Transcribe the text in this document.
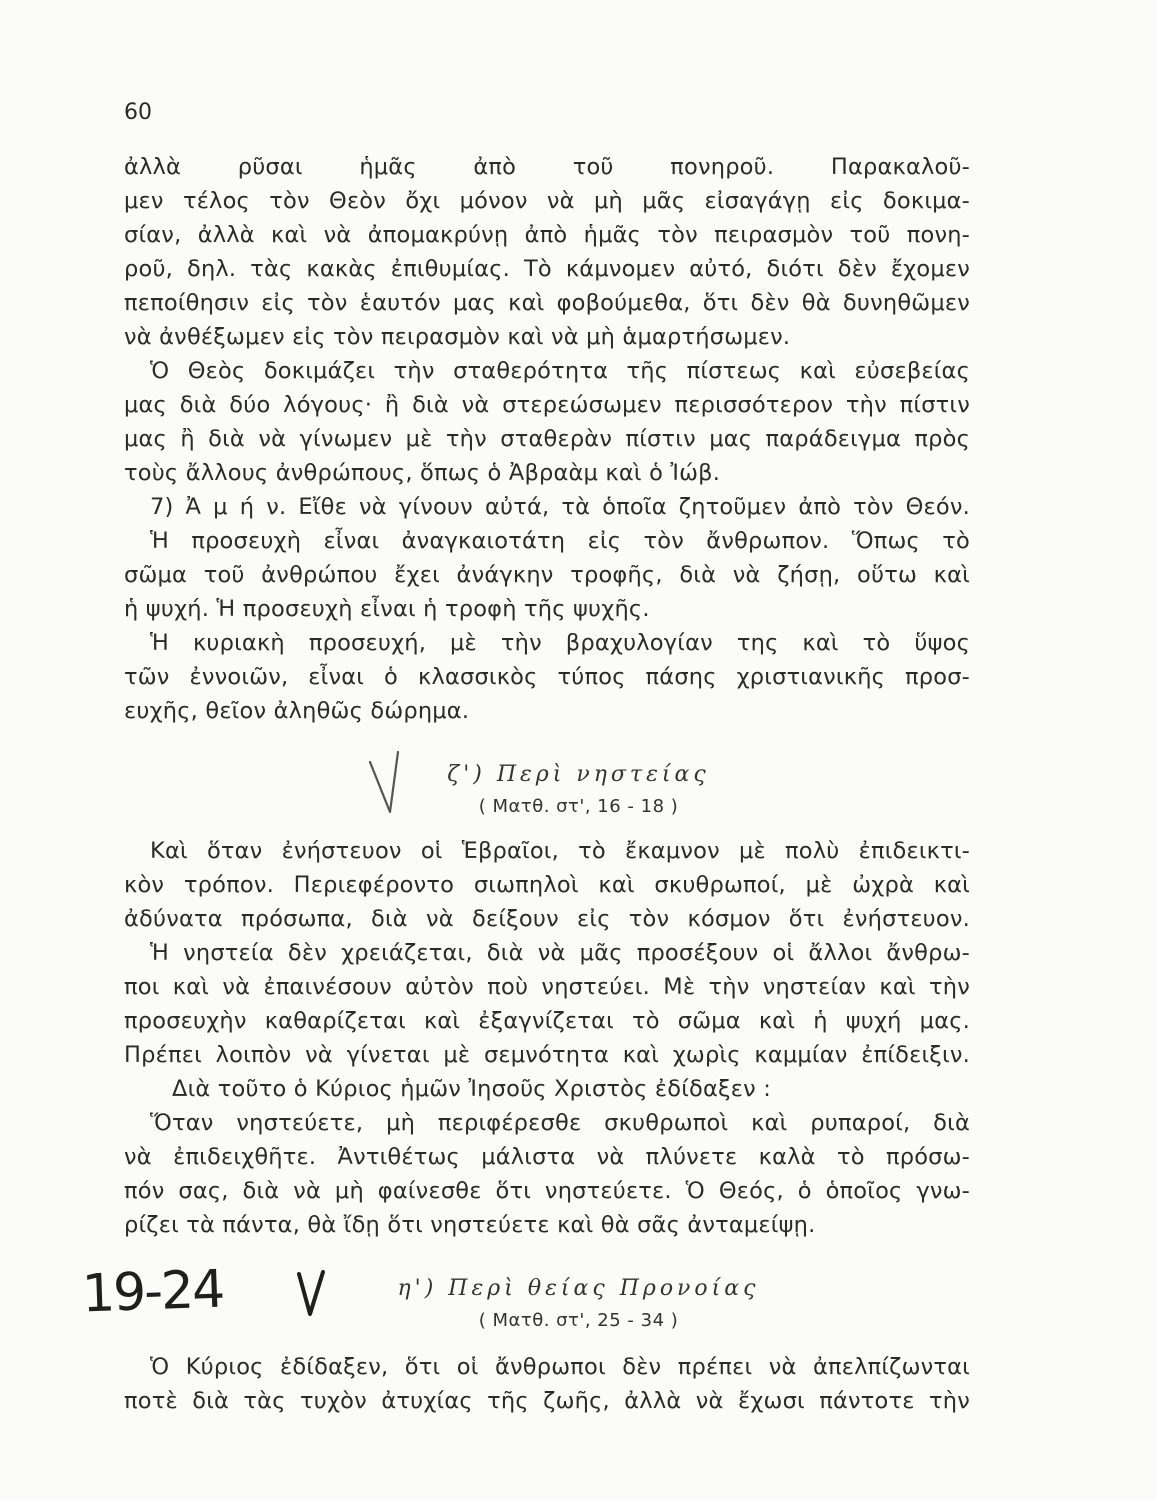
60
ἀλλὰ ρῦσαι ἡμᾶς ἀπὸ τοῦ πονηροῦ. Παρακαλοῦ-
μεν τέλος τὸν Θεὸν ὄχι μόνον νὰ μὴ μᾶς εἰσαγάγῃ εἰς δοκιμα-
σίαν, ἀλλὰ καὶ νὰ ἀπομακρύνῃ ἀπὸ ἡμᾶς τὸν πειρασμὸν τοῦ πονη-
ροῦ, δηλ. τὰς κακὰς ἐπιθυμίας. Τὸ κάμνομεν αὐτό, διότι δὲν ἔχομεν
πεποίθησιν εἰς τὸν ἑαυτόν μας καὶ φοβούμεθα, ὅτι δὲν θὰ δυνηθῶμεν
νὰ ἀνθέξωμεν εἰς τὸν πειρασμὸν καὶ νὰ μὴ ἁμαρτήσωμεν.
Ὁ Θεὸς δοκιμάζει τὴν σταθερότητα τῆς πίστεως καὶ εὐσεβείας
μας διὰ δύο λόγους· ἢ διὰ νὰ στερεώσωμεν περισσότερον τὴν πίστιν
μας ἢ διὰ νὰ γίνωμεν μὲ τὴν σταθερὰν πίστιν μας παράδειγμα πρὸς
τοὺς ἄλλους ἀνθρώπους, ὅπως ὁ Ἀβραὰμ καὶ ὁ Ἰώβ.
7) Ἀ μ ή ν. Εἴθε νὰ γίνουν αὐτά, τὰ ὁποῖα ζητοῦμεν ἀπὸ τὸν Θεόν.
Ἡ προσευχὴ εἶναι ἀναγκαιοτάτη εἰς τὸν ἄνθρωπον. Ὅπως τὸ
σῶμα τοῦ ἀνθρώπου ἔχει ἀνάγκην τροφῆς, διὰ νὰ ζήσῃ, οὕτω καὶ
ἡ ψυχή. Ἡ προσευχὴ εἶναι ἡ τροφὴ τῆς ψυχῆς.
Ἡ κυριακὴ προσευχή, μὲ τὴν βραχυλογίαν της καὶ τὸ ὕψος
τῶν ἐννοιῶν, εἶναι ὁ κλασσικὸς τύπος πάσης χριστιανικῆς προσ-
ευχῆς, θεῖον ἀληθῶς δώρημα.
ζ') Περὶ νηστείας
( Ματθ. στ', 16 - 18 )
Καὶ ὅταν ἐνήστευον οἱ Ἑβραῖοι, τὸ ἔκαμνον μὲ πολὺ ἐπιδεικτι-
κὸν τρόπον. Περιεφέροντο σιωπηλοὶ καὶ σκυθρωποί, μὲ ὠχρὰ καὶ
ἀδύνατα πρόσωπα, διὰ νὰ δείξουν εἰς τὸν κόσμον ὅτι ἐνήστευον.
Ἡ νηστεία δὲν χρειάζεται, διὰ νὰ μᾶς προσέξουν οἱ ἄλλοι ἄνθρω-
ποι καὶ νὰ ἐπαινέσουν αὐτὸν ποὺ νηστεύει. Μὲ τὴν νηστείαν καὶ τὴν
προσευχὴν καθαρίζεται καὶ ἐξαγνίζεται τὸ σῶμα καὶ ἡ ψυχή μας.
Πρέπει λοιπὸν νὰ γίνεται μὲ σεμνότητα καὶ χωρὶς καμμίαν ἐπίδειξιν.
Διὰ τοῦτο ὁ Κύριος ἡμῶν Ἰησοῦς Χριστὸς ἐδίδαξεν :
Ὅταν νηστεύετε, μὴ περιφέρεσθε σκυθρωποὶ καὶ ρυπαροί, διὰ
νὰ ἐπιδειχθῆτε. Ἀντιθέτως μάλιστα νὰ πλύνετε καλὰ τὸ πρόσω-
πόν σας, διὰ νὰ μὴ φαίνεσθε ὅτι νηστεύετε. Ὁ Θεός, ὁ ὁποῖος γνω-
ρίζει τὰ πάντα, θὰ ἴδῃ ὅτι νηστεύετε καὶ θὰ σᾶς ἀνταμείψῃ.
19-24	η') Περὶ θείας Προνοίας
( Ματθ. στ', 25 - 34 )
Ὁ Κύριος ἐδίδαξεν, ὅτι οἱ ἄνθρωποι δὲν πρέπει νὰ ἀπελπίζωνται
ποτὲ διὰ τὰς τυχὸν ἀτυχίας τῆς ζωῆς, ἀλλὰ νὰ ἔχωσι πάντοτε τὴν
